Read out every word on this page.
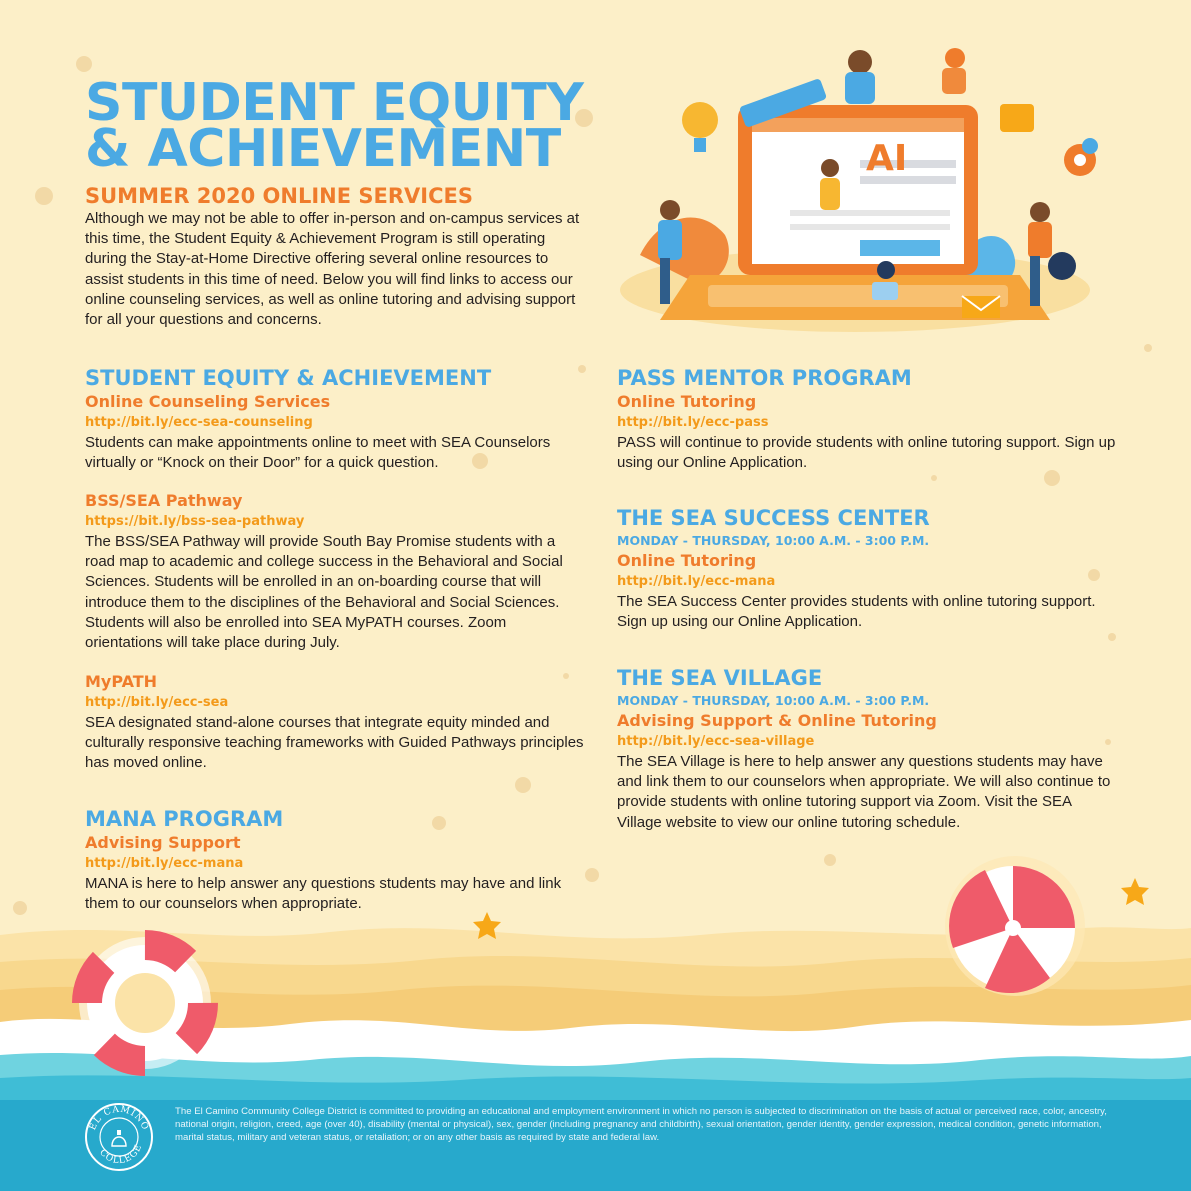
AI
STUDENT EQUITY
& ACHIEVEMENT
SUMMER 2020 ONLINE SERVICES
Although we may not be able to offer in-person and on-campus services at this time, the Student Equity & Achievement Program is still operating during the Stay-at-Home Directive offering several online resources to assist students in this time of need. Below you will find links to access our online counseling services, as well as online tutoring and advising support for all your questions and concerns.
STUDENT EQUITY & ACHIEVEMENT
Online Counseling Services
http://bit.ly/ecc-sea-counseling
Students can make appointments online to meet with SEA Counselors virtually or “Knock on their Door” for a quick question.
BSS/SEA Pathway
https://bit.ly/bss-sea-pathway
The BSS/SEA Pathway will provide South Bay Promise students with a road map to academic and college success in the Behavioral and Social Sciences. Students will be enrolled in an on-boarding course that will introduce them to the disciplines of the Behavioral and Social Sciences. Students will also be enrolled into SEA MyPATH courses. Zoom orientations will take place during July.
MyPATH
http://bit.ly/ecc-sea
SEA designated stand-alone courses that integrate equity minded and culturally responsive teaching frameworks with Guided Pathways principles has moved online.
MANA PROGRAM
Advising Support
http://bit.ly/ecc-mana
MANA is here to help answer any questions students may have and link them to our counselors when appropriate.
PASS MENTOR PROGRAM
Online Tutoring
http://bit.ly/ecc-pass
PASS will continue to provide students with online tutoring support. Sign up using our Online Application.
THE SEA SUCCESS CENTER
MONDAY - THURSDAY, 10:00 A.M. - 3:00 P.M.
Online Tutoring
http://bit.ly/ecc-mana
The SEA Success Center provides students with online tutoring support. Sign up using our Online Application.
THE SEA VILLAGE
MONDAY - THURSDAY, 10:00 A.M. - 3:00 P.M.
Advising Support & Online Tutoring
http://bit.ly/ecc-sea-village
The SEA Village is here to help answer any questions students may have and link them to our counselors when appropriate. We will also continue to provide students with online tutoring support via Zoom. Visit the SEA Village website to view our online tutoring schedule.
EL CAMINO
COLLEGE
The El Camino Community College District is committed to providing an educational and employment environment in which no person is subjected to discrimination on the basis of actual or perceived race, color, ancestry, national origin, religion, creed, age (over 40), disability (mental or physical), sex, gender (including pregnancy and childbirth), sexual orientation, gender identity, gender expression, medical condition, genetic information, marital status, military and veteran status, or retaliation; or on any other basis as required by state and federal law.
